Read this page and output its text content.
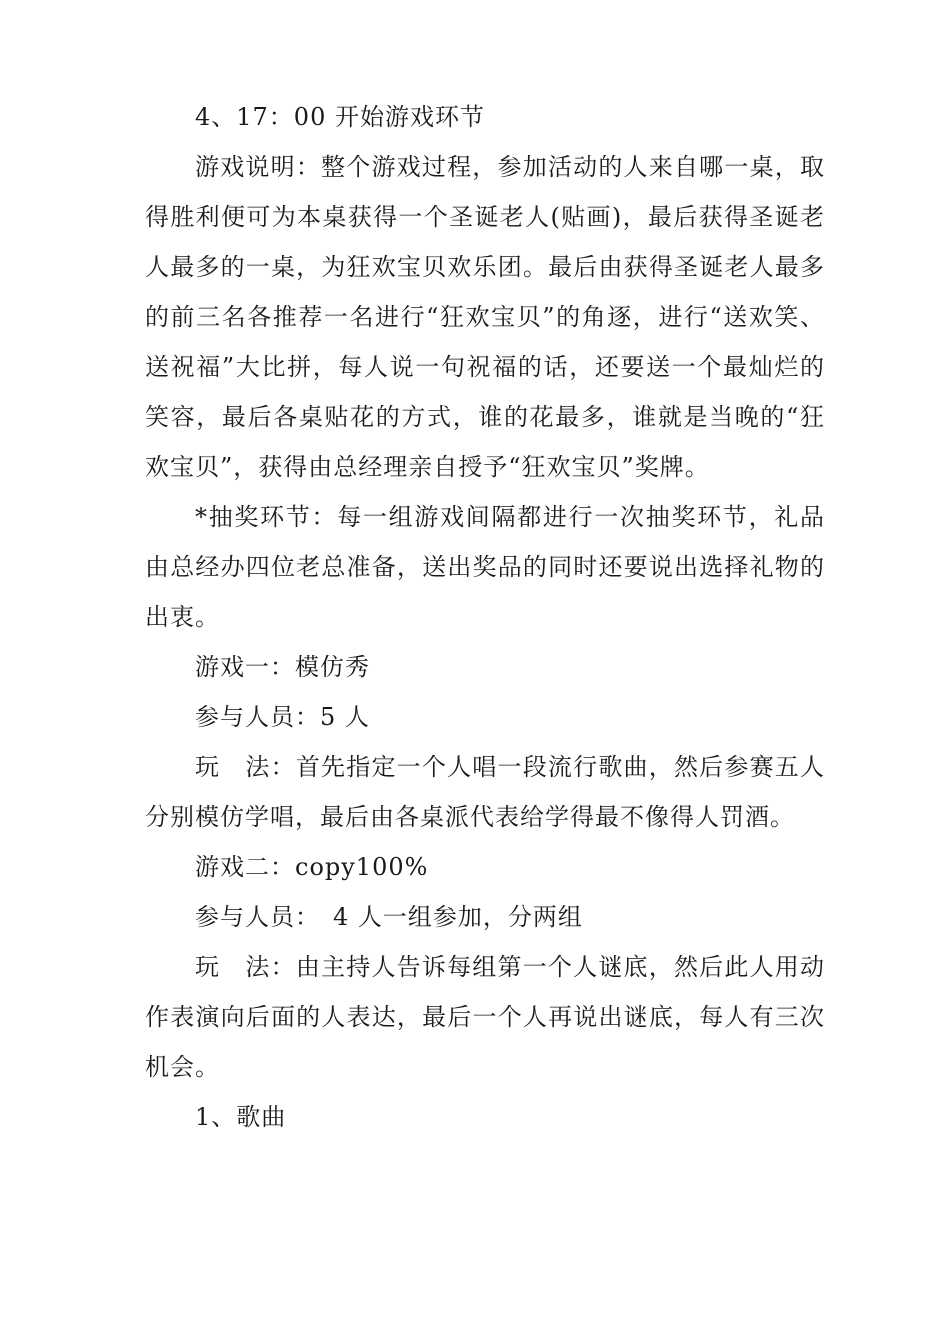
4、17：00 开始游戏环节

游戏说明：整个游戏过程，参加活动的人来自哪一桌，取得胜利便可为本桌获得一个圣诞老人(贴画)，最后获得圣诞老人最多的一桌，为狂欢宝贝欢乐团。最后由获得圣诞老人最多的前三名各推荐一名进行“狂欢宝贝”的角逐，进行“送欢笑、送祝福”大比拼，每人说一句祝福的话，还要送一个最灿烂的笑容，最后各桌贴花的方式，谁的花最多，谁就是当晚的“狂欢宝贝”，获得由总经理亲自授予“狂欢宝贝”奖牌。

*抽奖环节：每一组游戏间隔都进行一次抽奖环节，礼品由总经办四位老总准备，送出奖品的同时还要说出选择礼物的出衷。

游戏一：模仿秀

参与人员：5 人

玩　法：首先指定一个人唱一段流行歌曲，然后参赛五人分别模仿学唱，最后由各桌派代表给学得最不像得人罚酒。

游戏二：copy100%

参与人员：　4 人一组参加，分两组

玩　法：由主持人告诉每组第一个人谜底，然后此人用动作表演向后面的人表达，最后一个人再说出谜底，每人有三次机会。

1、歌曲
